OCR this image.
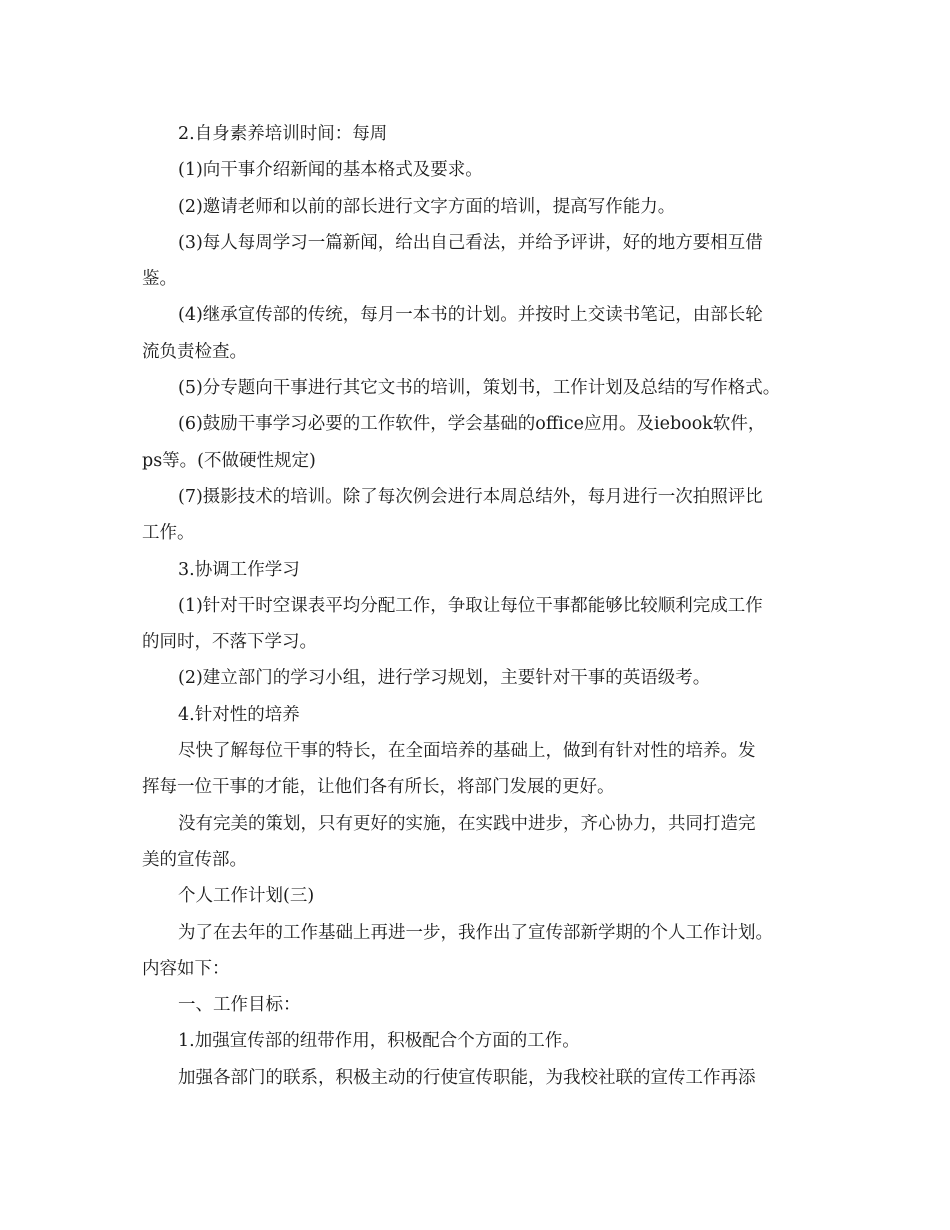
2.自身素养培训时间：每周
(1)向干事介绍新闻的基本格式及要求。
(2)邀请老师和以前的部长进行文字方面的培训，提高写作能力。
(3)每人每周学习一篇新闻，给出自己看法，并给予评讲，好的地方要相互借
鉴。
(4)继承宣传部的传统，每月一本书的计划。并按时上交读书笔记，由部长轮
流负责检查。
(5)分专题向干事进行其它文书的培训，策划书，工作计划及总结的写作格式。
(6)鼓励干事学习必要的工作软件，学会基础的office应用。及iebook软件，
ps等。(不做硬性规定)
(7)摄影技术的培训。除了每次例会进行本周总结外，每月进行一次拍照评比
工作。
3.协调工作学习
(1)针对干时空课表平均分配工作，争取让每位干事都能够比较顺利完成工作
的同时，不落下学习。
(2)建立部门的学习小组，进行学习规划，主要针对干事的英语级考。
4.针对性的培养
尽快了解每位干事的特长，在全面培养的基础上，做到有针对性的培养。发
挥每一位干事的才能，让他们各有所长，将部门发展的更好。
没有完美的策划，只有更好的实施，在实践中进步，齐心协力，共同打造完
美的宣传部。
个人工作计划(三)
为了在去年的工作基础上再进一步，我作出了宣传部新学期的个人工作计划。
内容如下：
一、工作目标：
1.加强宣传部的纽带作用，积极配合个方面的工作。
加强各部门的联系，积极主动的行使宣传职能，为我校社联的宣传工作再添
